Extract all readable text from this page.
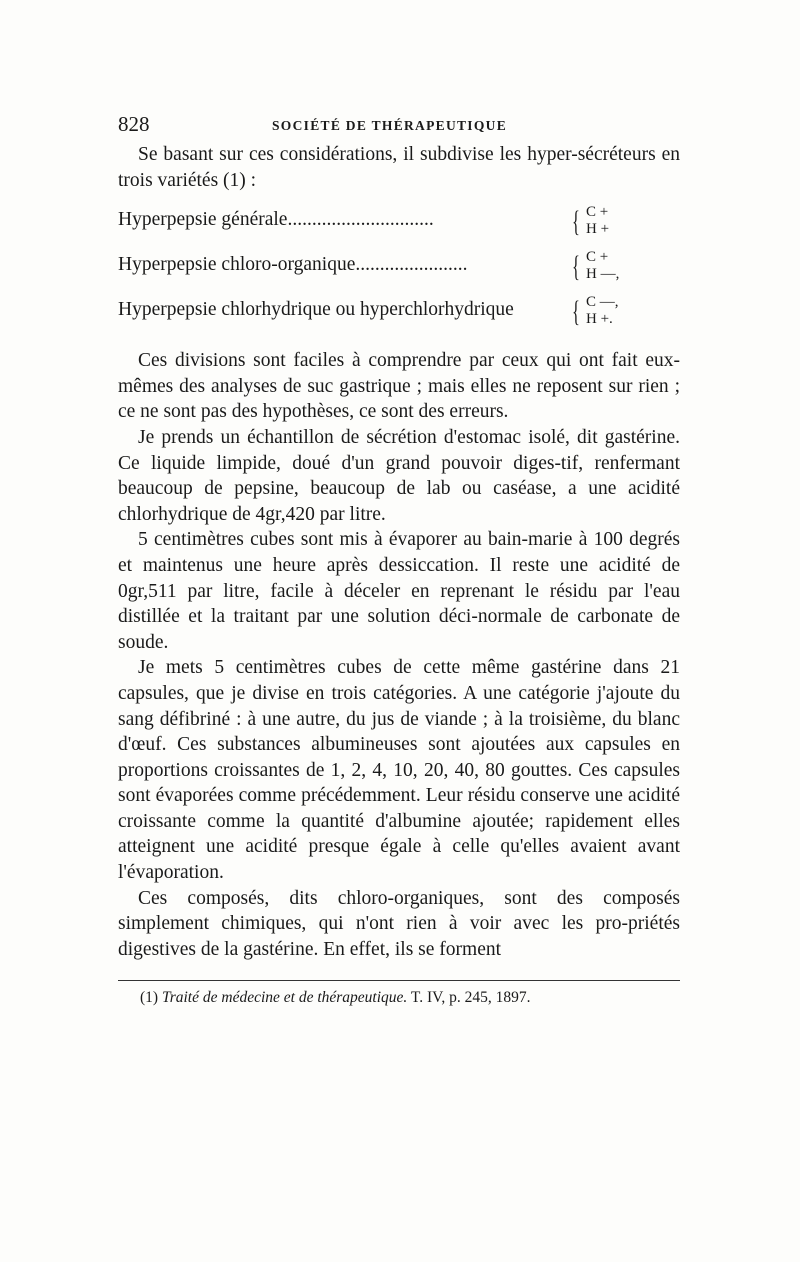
828	SOCIÉTÉ DE THÉRAPEUTIQUE

Se basant sur ces considérations, il subdivise les hyper-sécréteurs en trois variétés (1) :

Hyperpepsie générale..............................	{ C +
H +
Hyperpepsie chloro-organique.......................	{ C +
H —,
Hyperpepsie chlorhydrique ou hyperchlorhydrique { C —,
H +.

Ces divisions sont faciles à comprendre par ceux qui ont fait eux-mêmes des analyses de suc gastrique ; mais elles ne reposent sur rien ; ce ne sont pas des hypothèses, ce sont des erreurs.

Je prends un échantillon de sécrétion d'estomac isolé, dit gastérine. Ce liquide limpide, doué d'un grand pouvoir diges-tif, renfermant beaucoup de pepsine, beaucoup de lab ou caséase, a une acidité chlorhydrique de 4gr,420 par litre.

5 centimètres cubes sont mis à évaporer au bain-marie à 100 degrés et maintenus une heure après dessiccation. Il reste une acidité de 0gr,511 par litre, facile à déceler en reprenant le résidu par l'eau distillée et la traitant par une solution déci-normale de carbonate de soude.

Je mets 5 centimètres cubes de cette même gastérine dans 21 capsules, que je divise en trois catégories. A une catégorie j'ajoute du sang défibriné : à une autre, du jus de viande ; à la troisième, du blanc d'œuf. Ces substances albumineuses sont ajoutées aux capsules en proportions croissantes de 1, 2, 4, 10, 20, 40, 80 gouttes. Ces capsules sont évaporées comme précédemment. Leur résidu conserve une acidité croissante comme la quantité d'albumine ajoutée; rapidement elles atteignent une acidité presque égale à celle qu'elles avaient avant l'évaporation.

Ces composés, dits chloro-organiques, sont des composés simplement chimiques, qui n'ont rien à voir avec les pro-priétés digestives de la gastérine. En effet, ils se forment

(1) Traité de médecine et de thérapeutique. T. IV, p. 245, 1897.
